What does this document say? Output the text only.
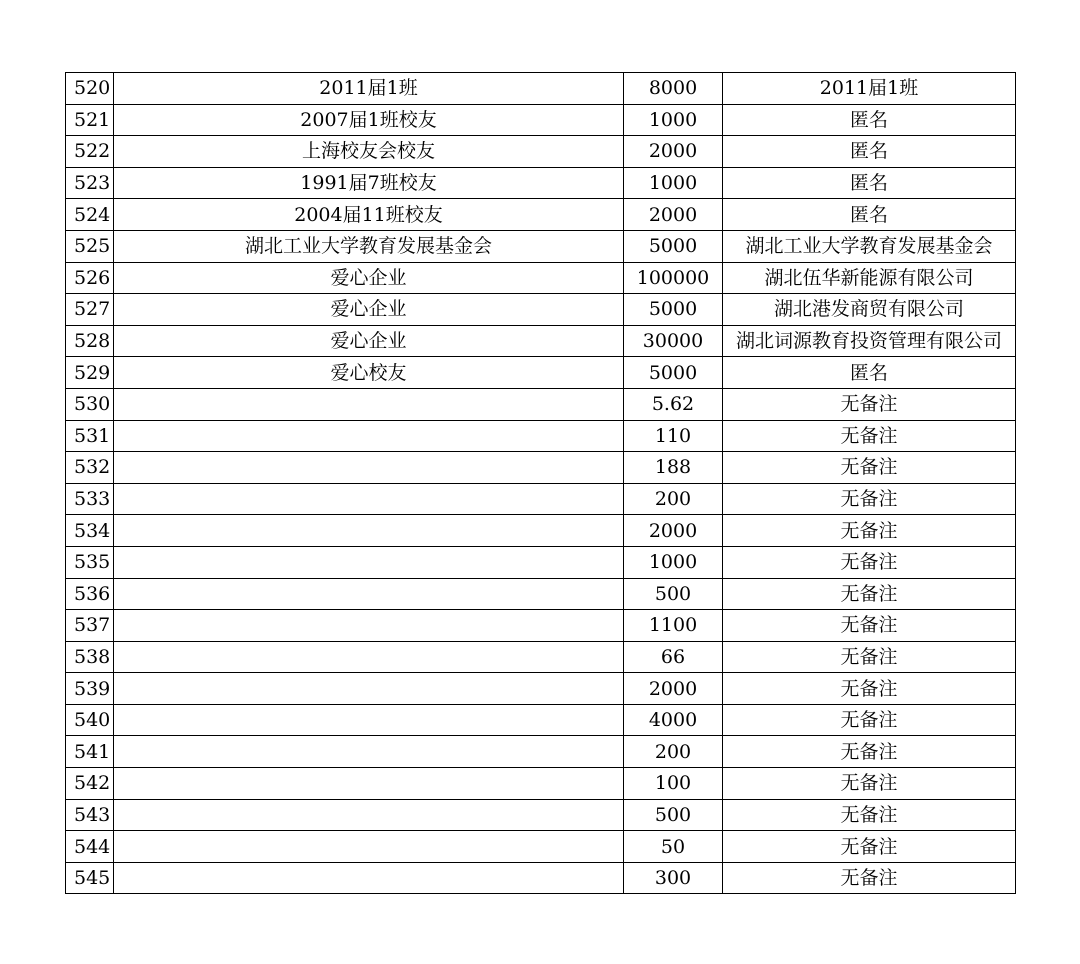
520	2011届1班	8000	2011届1班
521	2007届1班校友	1000	匿名
522	上海校友会校友	2000	匿名
523	1991届7班校友	1000	匿名
524	2004届11班校友	2000	匿名
525	湖北工业大学教育发展基金会	5000	湖北工业大学教育发展基金会
526	爱心企业	100000	湖北伍华新能源有限公司
527	爱心企业	5000	湖北港发商贸有限公司
528	爱心企业	30000	湖北词源教育投资管理有限公司
529	爱心校友	5000	匿名
530		5.62	无备注
531		110	无备注
532		188	无备注
533		200	无备注
534		2000	无备注
535		1000	无备注
536		500	无备注
537		1100	无备注
538		66	无备注
539		2000	无备注
540		4000	无备注
541		200	无备注
542		100	无备注
543		500	无备注
544		50	无备注
545		300	无备注
